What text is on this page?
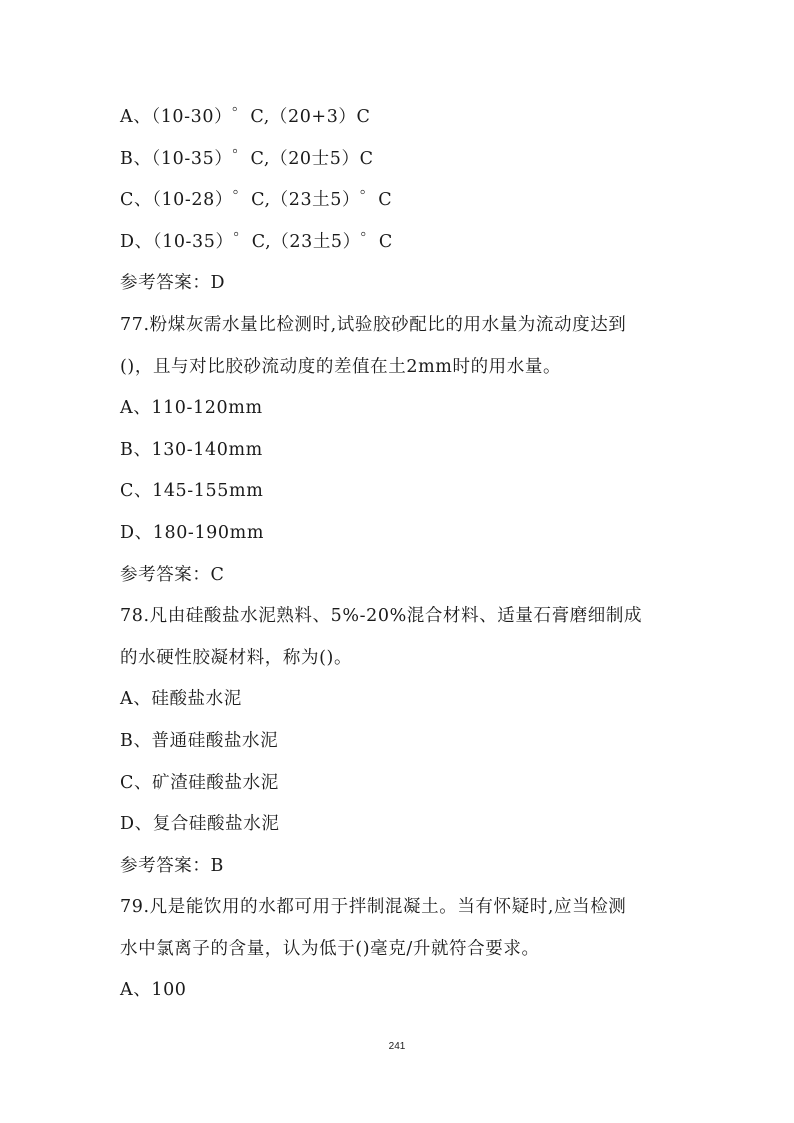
A、（10-30）゜C,（20+3）C
B、（10-35）゜C,（20士5）C
C、（10-28）゜C,（23土5）゜C
D、（10-35）゜C,（23土5）゜C
参考答案：D
77.粉煤灰需水量比检测时,试验胶砂配比的用水量为流动度达到
()，且与对比胶砂流动度的差值在土2mm时的用水量。
A、110-120mm
B、130-140mm
C、145-155mm
D、180-190mm
参考答案：C
78.凡由硅酸盐水泥熟料、5%-20%混合材料、适量石膏磨细制成
的水硬性胶凝材料，称为()。
A、硅酸盐水泥
B、普通硅酸盐水泥
C、矿渣硅酸盐水泥
D、复合硅酸盐水泥
参考答案：B
79.凡是能饮用的水都可用于拌制混凝土。当有怀疑时,应当检测
水中氯离子的含量，认为低于()毫克/升就符合要求。
A、100
241
